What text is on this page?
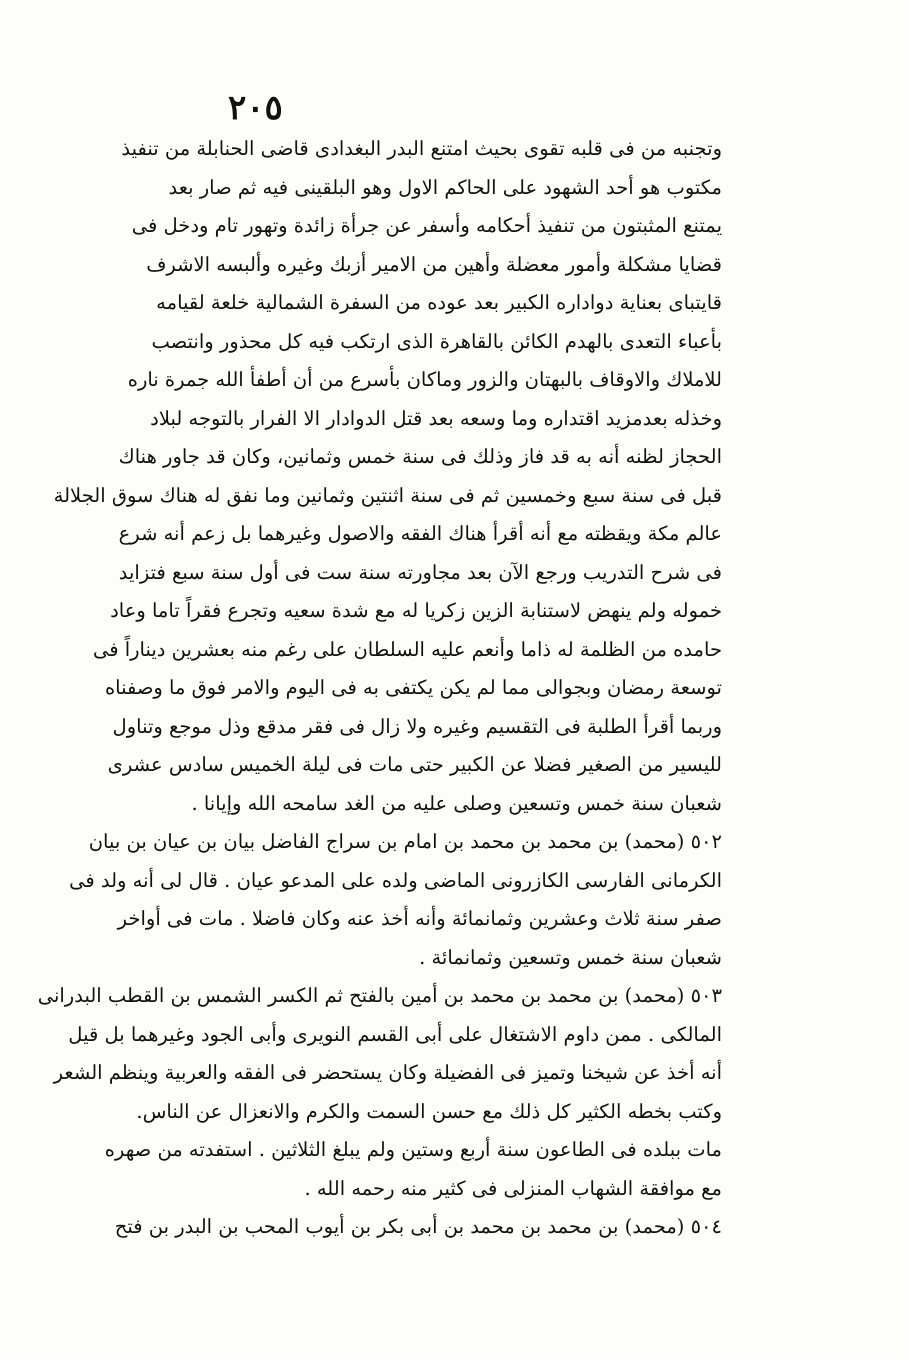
٢٠٥
وتجنبه من فى قلبه تقوى بحيث امتنع البدر البغدادى قاضى الحنابلة من تنفيذ
مكتوب هو أحد الشهود على الحاكم الاول وهو البلقينى فيه ثم صار بعد
يمتنع المثبتون من تنفيذ أحكامه وأسفر عن جرأة زائدة وتهور تام ودخل فى
قضايا مشكلة وأمور معضلة وأهين من الامير أزبك وغيره وألبسه الاشرف
قايتباى بعناية دواداره الكبير بعد عوده من السفرة الشمالية خلعة لقيامه
بأعباء التعدى بالهدم الكائن بالقاهرة الذى ارتكب فيه كل محذور وانتصب
للاملاك والاوقاف بالبهتان والزور وماكان بأسرع من أن أطفأ الله جمرة ناره
وخذله بعدمزيد اقتداره وما وسعه بعد قتل الدوادار الا الفرار بالتوجه لبلاد
الحجاز لظنه أنه به قد فاز وذلك فى سنة خمس وثمانين، وكان قد جاور هناك
قبل فى سنة سبع وخمسين ثم فى سنة اثنتين وثمانين وما نفق له هناك سوق الجلالة
عالم مكة ويقظته مع أنه أقرأ هناك الفقه والاصول وغيرهما بل زعم أنه شرع
فى شرح التدريب ورجع الآن بعد مجاورته سنة ست فى أول سنة سبع فتزايد
خموله ولم ينهض لاستنابة الزين زكريا له مع شدة سعيه وتجرع فقراً تاما وعاد
حامده من الظلمة له ذاما وأنعم عليه السلطان على رغم منه بعشرين ديناراً فى
توسعة رمضان وبجوالى مما لم يكن يكتفى به فى اليوم والامر فوق ما وصفناه
وربما أقرأ الطلبة فى التقسيم وغيره ولا زال فى فقر مدقع وذل موجع وتناول
لليسير من الصغير فضلا عن الكبير حتى مات فى ليلة الخميس سادس عشرى
شعبان سنة خمس وتسعين وصلى عليه من الغد سامحه الله وإيانا .
٥٠٢ (محمد) بن محمد بن محمد بن امام بن سراج الفاضل بيان بن عيان بن بيان
الكرمانى الفارسى الكازرونى الماضى ولده على المدعو عيان . قال لى أنه ولد فى
صفر سنة ثلاث وعشرين وثمانمائة وأنه أخذ عنه وكان فاضلا . مات فى أواخر
شعبان سنة خمس وتسعين وثمانمائة .
٥٠٣ (محمد) بن محمد بن محمد بن أمين بالفتح ثم الكسر الشمس بن القطب البدرانى
المالكى . ممن داوم الاشتغال على أبى القسم النويرى وأبى الجود وغيرهما بل قيل
أنه أخذ عن شيخنا وتميز فى الفضيلة وكان يستحضر فى الفقه والعربية وينظم الشعر
وكتب بخطه الكثير كل ذلك مع حسن السمت والكرم والانعزال عن الناس.
مات ببلده فى الطاعون سنة أربع وستين ولم يبلغ الثلاثين . استفدته من صهره
مع موافقة الشهاب المنزلى فى كثير منه رحمه الله .
٥٠٤ (محمد) بن محمد بن محمد بن أبى بكر بن أيوب المحب بن البدر بن فتح
